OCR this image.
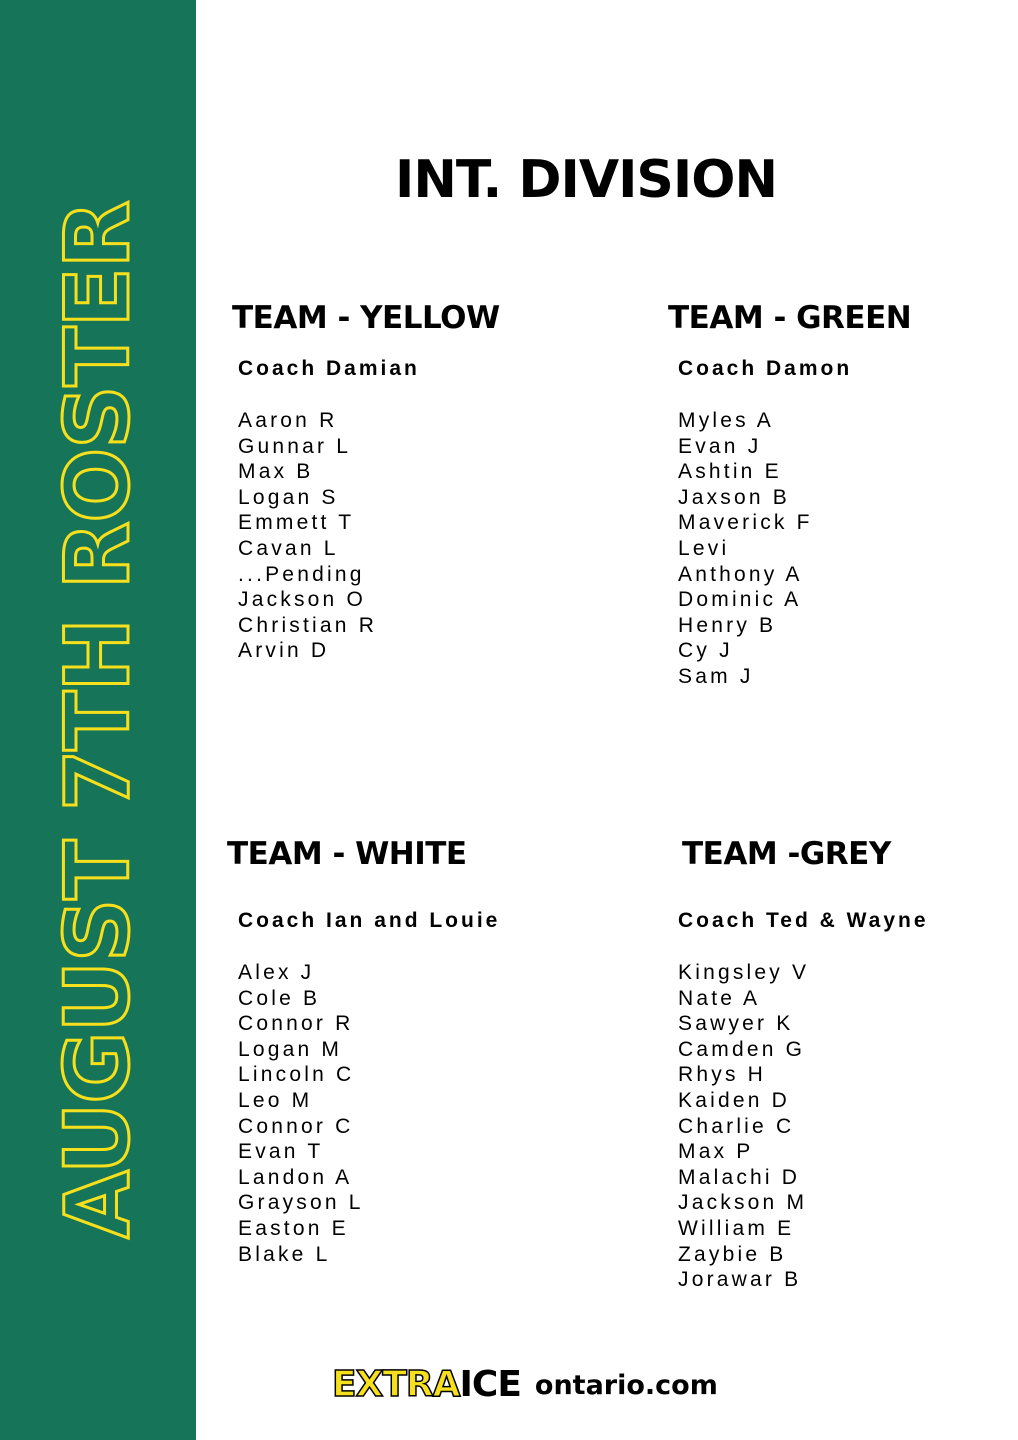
AUGUST 7TH ROSTER
INT. DIVISION
TEAM - YELLOW
Coach Damian
Aaron R
Gunnar L
Max B
Logan S
Emmett T
Cavan L
...Pending
Jackson O
Christian R
Arvin D
TEAM - GREEN
Coach Damon
Myles A
Evan J
Ashtin E
Jaxson B
Maverick F
Levi
Anthony A
Dominic A
Henry B
Cy J
Sam J
TEAM - WHITE
Coach Ian and Louie
Alex J
Cole B
Connor R
Logan M
Lincoln C
Leo M
Connor C
Evan T
Landon A
Grayson L
Easton E
Blake L
TEAM -GREY
Coach Ted & Wayne
Kingsley V
Nate A
Sawyer K
Camden G
Rhys H
Kaiden D
Charlie C
Max P
Malachi D
Jackson M
William E
Zaybie B
Jorawar B
EXTRAICE ontario.com
